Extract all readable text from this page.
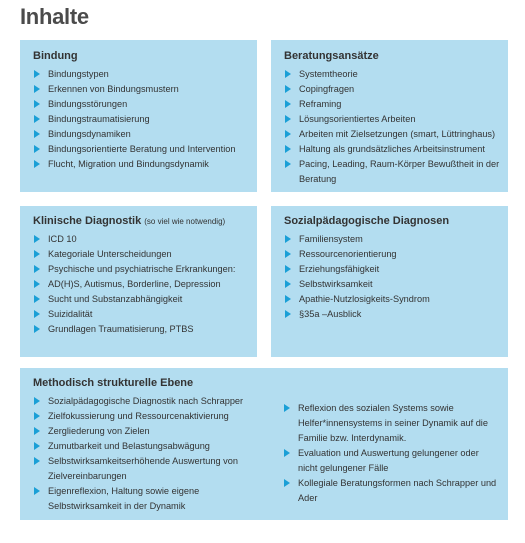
Inhalte
Bindung
Bindungstypen
Erkennen von Bindungsmustern
Bindungsstörungen
Bindungstraumatisierung
Bindungsdynamiken
Bindungsorientierte Beratung und Intervention
Flucht, Migration und Bindungsdynamik
Beratungsansätze
Systemtheorie
Copingfragen
Reframing
Lösungsorientiertes Arbeiten
Arbeiten mit Zielsetzungen (smart, Lüttringhaus)
Haltung als grundsätzliches Arbeitsinstrument
Pacing, Leading, Raum-Körper Bewußtheit in der Beratung
Klinische Diagnostik (so viel wie notwendig)
ICD 10
Kategoriale Unterscheidungen
Psychische und psychiatrische Erkrankungen:
AD(H)S, Autismus, Borderline, Depression
Sucht und Substanzabhängigkeit
Suizidalität
Grundlagen Traumatisierung, PTBS
Sozialpädagogische Diagnosen
Familiensystem
Ressourcenorientierung
Erziehungsfähigkeit
Selbstwirksamkeit
Apathie-Nutzlosigkeits-Syndrom
§35a –Ausblick
Methodisch strukturelle Ebene
Sozialpädagogische Diagnostik nach Schrapper
Zielfokussierung und Ressourcenaktivierung
Zergliederung von Zielen
Zumutbarkeit und Belastungsabwägung
Selbstwirksamkeitserhöhende Auswertung von Zielvereinbarungen
Eigenreflexion, Haltung sowie eigene Selbstwirksamkeit in der Dynamik
Reflexion des sozialen Systems sowie Helfer*innensystems in seiner Dynamik auf die Familie bzw. Interdynamik.
Evaluation und Auswertung gelungener oder nicht gelungener Fälle
Kollegiale Beratungsformen nach Schrapper und Ader
